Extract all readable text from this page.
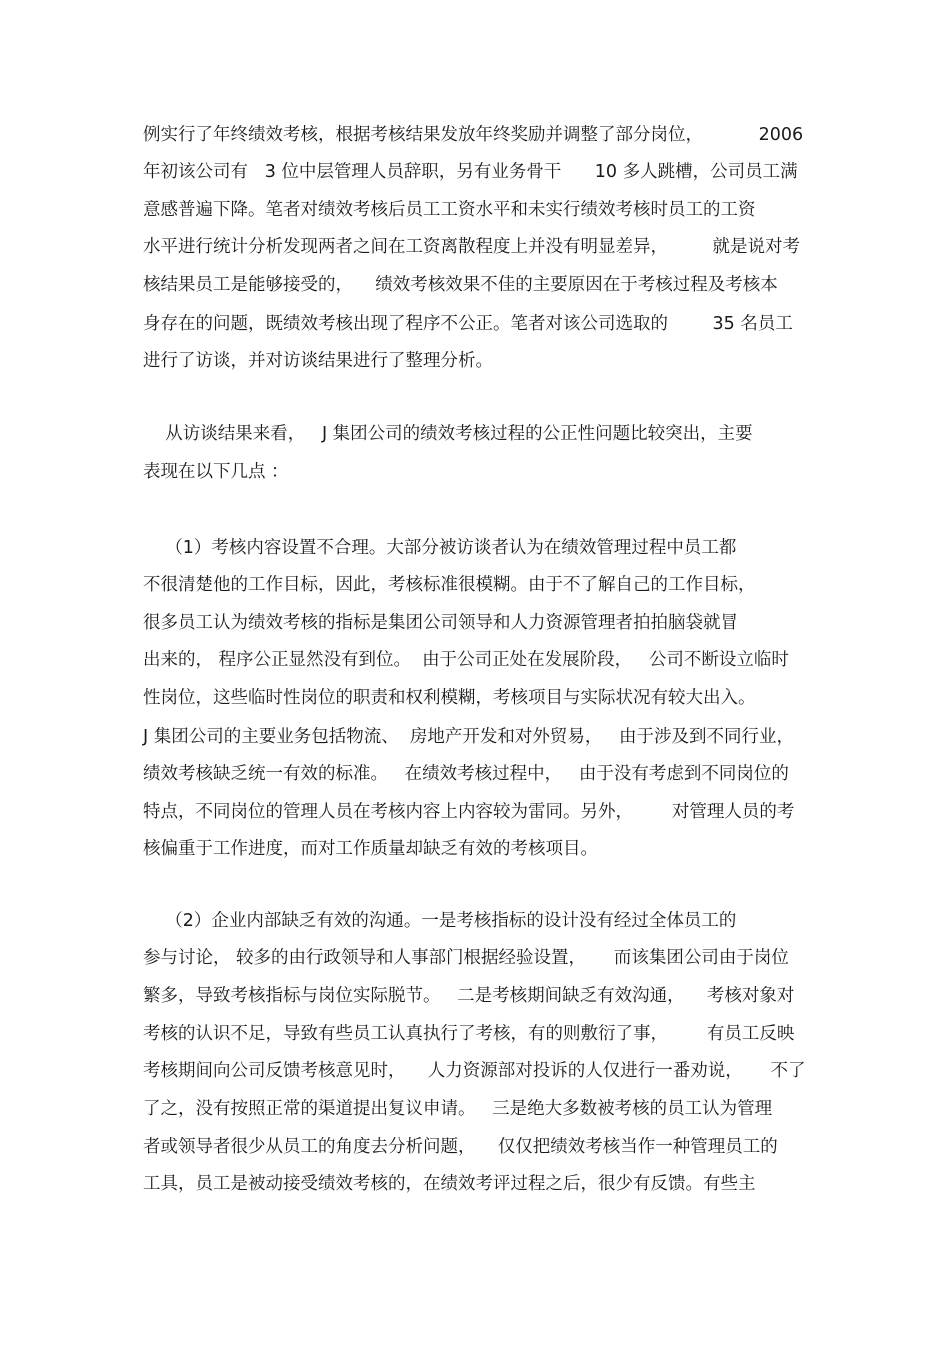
例实行了年终绩效考核，根据考核结果发放年终奖励并调整了部分岗位，          2006
年初该公司有   3 位中层管理人员辞职，另有业务骨干      10 多人跳槽，公司员工满
意感普遍下降。笔者对绩效考核后员工工资水平和未实行绩效考核时员工的工资
水平进行统计分析发现两者之间在工资离散程度上并没有明显差异，        就是说对考
核结果员工是能够接受的，    绩效考核效果不佳的主要原因在于考核过程及考核本
身存在的问题，既绩效考核出现了程序不公正。笔者对该公司选取的        35 名员工
进行了访谈，并对访谈结果进行了整理分析。
从访谈结果来看，   J 集团公司的绩效考核过程的公正性问题比较突出，主要
表现在以下几点 ：
（1）考核内容设置不合理。大部分被访谈者认为在绩效管理过程中员工都
不很清楚他的工作目标，因此，考核标准很模糊。由于不了解自己的工作目标，
很多员工认为绩效考核的指标是集团公司领导和人力资源管理者拍拍脑袋就冒
出来的， 程序公正显然没有到位。  由于公司正处在发展阶段，   公司不断设立临时
性岗位，这些临时性岗位的职责和权利模糊，考核项目与实际状况有较大出入。
J 集团公司的主要业务包括物流、  房地产开发和对外贸易，   由于涉及到不同行业，
绩效考核缺乏统一有效的标准。   在绩效考核过程中，   由于没有考虑到不同岗位的
特点，不同岗位的管理人员在考核内容上内容较为雷同。另外，       对管理人员的考
核偏重于工作进度，而对工作质量却缺乏有效的考核项目。
（2）企业内部缺乏有效的沟通。一是考核指标的设计没有经过全体员工的
参与讨论， 较多的由行政领导和人事部门根据经验设置，     而该集团公司由于岗位
繁多，导致考核指标与岗位实际脱节。   二是考核期间缺乏有效沟通，    考核对象对
考核的认识不足，导致有些员工认真执行了考核，有的则敷衍了事，       有员工反映
考核期间向公司反馈考核意见时，    人力资源部对投诉的人仅进行一番劝说，     不了
了之，没有按照正常的渠道提出复议申请。   三是绝大多数被考核的员工认为管理
者或领导者很少从员工的角度去分析问题，    仅仅把绩效考核当作一种管理员工的
工具，员工是被动接受绩效考核的，在绩效考评过程之后，很少有反馈。有些主
